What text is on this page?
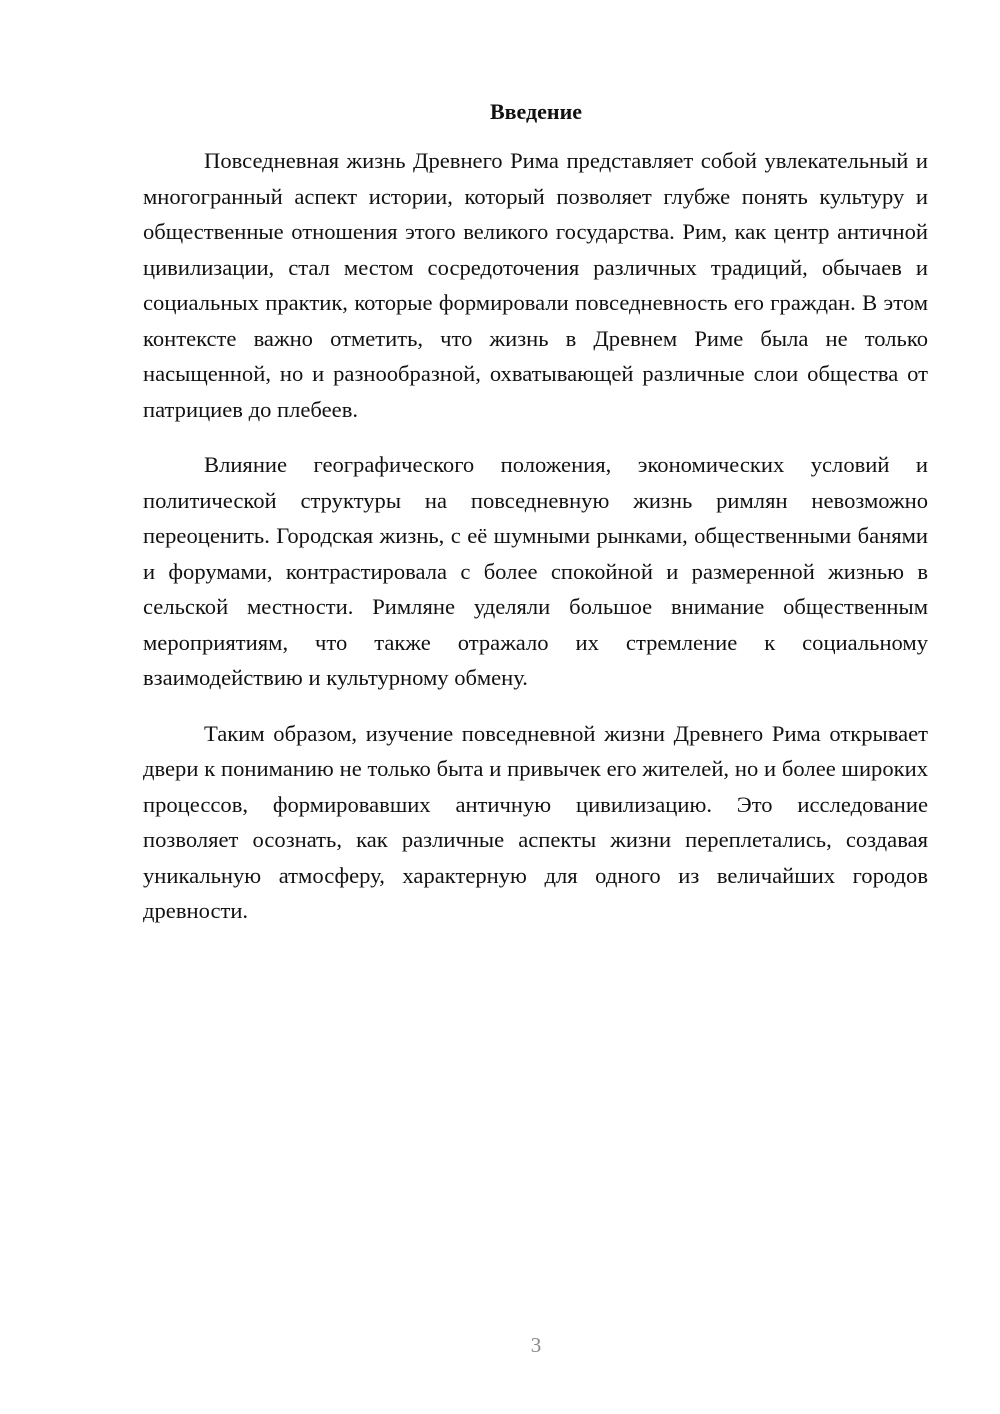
Введение

Повседневная жизнь Древнего Рима представляет собой увлекательный и многогранный аспект истории, который позволяет глубже понять культуру и общественные отношения этого великого государства. Рим, как центр античной цивилизации, стал местом сосредоточения различных традиций, обычаев и социальных практик, которые формировали повседневность его граждан. В этом контексте важно отметить, что жизнь в Древнем Риме была не только насыщенной, но и разнообразной, охватывающей различные слои общества от патрициев до плебеев.

Влияние географического положения, экономических условий и политической структуры на повседневную жизнь римлян невозможно переоценить. Городская жизнь, с её шумными рынками, общественными банями и форумами, контрастировала с более спокойной и размеренной жизнью в сельской местности. Римляне уделяли большое внимание общественным мероприятиям, что также отражало их стремление к социальному взаимодействию и культурному обмену.

Таким образом, изучение повседневной жизни Древнего Рима открывает двери к пониманию не только быта и привычек его жителей, но и более широких процессов, формировавших античную цивилизацию. Это исследование позволяет осознать, как различные аспекты жизни переплетались, создавая уникальную атмосферу, характерную для одного из величайших городов древности.

3
